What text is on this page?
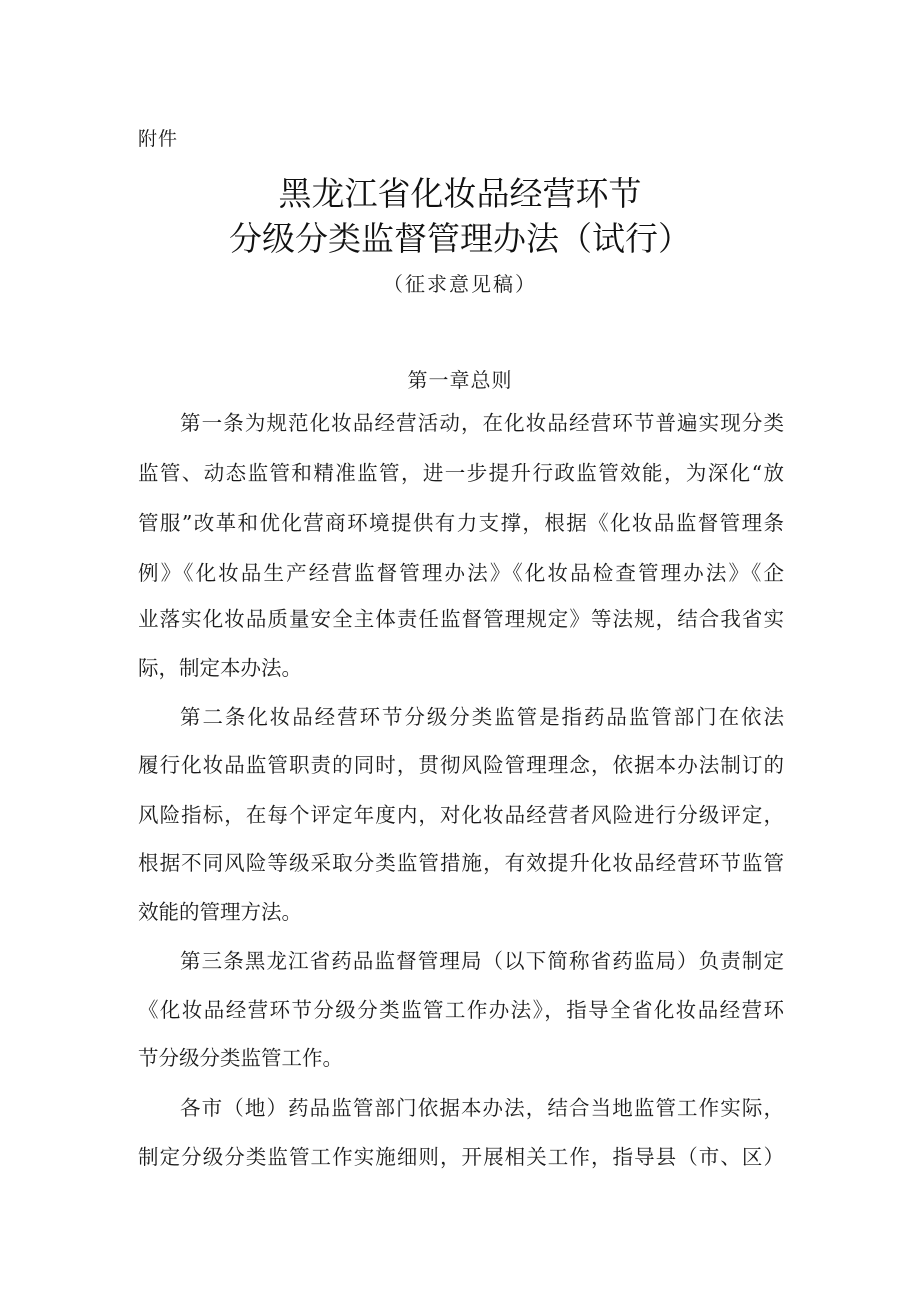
附件
黑龙江省化妆品经营环节
分级分类监督管理办法（试行）
（征求意见稿）
第一章总则
第一条为规范化妆品经营活动，在化妆品经营环节普遍实现分类
监管、动态监管和精准监管，进一步提升行政监管效能，为深化“放
管服”改革和优化营商环境提供有力支撑，根据《化妆品监督管理条
例》《化妆品生产经营监督管理办法》《化妆品检查管理办法》《企
业落实化妆品质量安全主体责任监督管理规定》等法规，结合我省实
际，制定本办法。
第二条化妆品经营环节分级分类监管是指药品监管部门在依法
履行化妆品监管职责的同时，贯彻风险管理理念，依据本办法制订的
风险指标，在每个评定年度内，对化妆品经营者风险进行分级评定，
根据不同风险等级采取分类监管措施，有效提升化妆品经营环节监管
效能的管理方法。
第三条黑龙江省药品监督管理局（以下简称省药监局）负责制定
《化妆品经营环节分级分类监管工作办法》，指导全省化妆品经营环
节分级分类监管工作。
各市（地）药品监管部门依据本办法，结合当地监管工作实际，
制定分级分类监管工作实施细则，开展相关工作，指导县（市、区）
